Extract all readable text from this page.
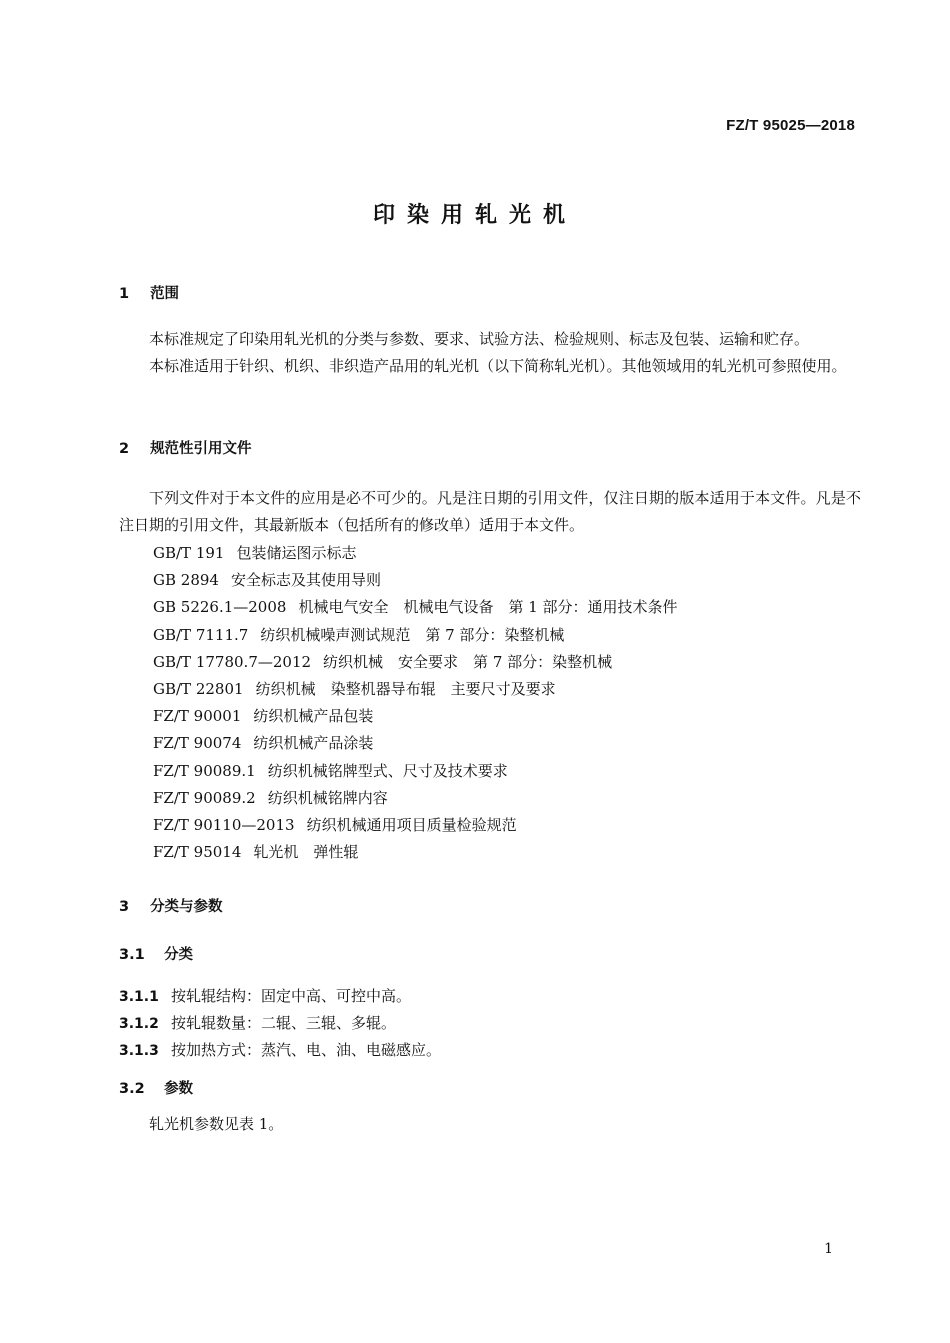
FZ/T 95025—2018
印染用轧光机
1 范围
本标准规定了印染用轧光机的分类与参数、要求、试验方法、检验规则、标志及包装、运输和贮存。
本标准适用于针织、机织、非织造产品用的轧光机（以下简称轧光机）。其他领域用的轧光机可参照使用。
2 规范性引用文件
下列文件对于本文件的应用是必不可少的。凡是注日期的引用文件，仅注日期的版本适用于本文件。凡是不注日期的引用文件，其最新版本（包括所有的修改单）适用于本文件。
GB/T 191 包装储运图示标志
GB 2894 安全标志及其使用导则
GB 5226.1—2008 机械电气安全　机械电气设备　第 1 部分：通用技术条件
GB/T 7111.7 纺织机械噪声测试规范　第 7 部分：染整机械
GB/T 17780.7—2012 纺织机械　安全要求　第 7 部分：染整机械
GB/T 22801 纺织机械　染整机器导布辊　主要尺寸及要求
FZ/T 90001 纺织机械产品包装
FZ/T 90074 纺织机械产品涂装
FZ/T 90089.1 纺织机械铭牌型式、尺寸及技术要求
FZ/T 90089.2 纺织机械铭牌内容
FZ/T 90110—2013 纺织机械通用项目质量检验规范
FZ/T 95014 轧光机　弹性辊
3 分类与参数
3.1 分类
3.1.1 按轧辊结构：固定中高、可控中高。
3.1.2 按轧辊数量：二辊、三辊、多辊。
3.1.3 按加热方式：蒸汽、电、油、电磁感应。
3.2 参数
轧光机参数见表 1。
1
